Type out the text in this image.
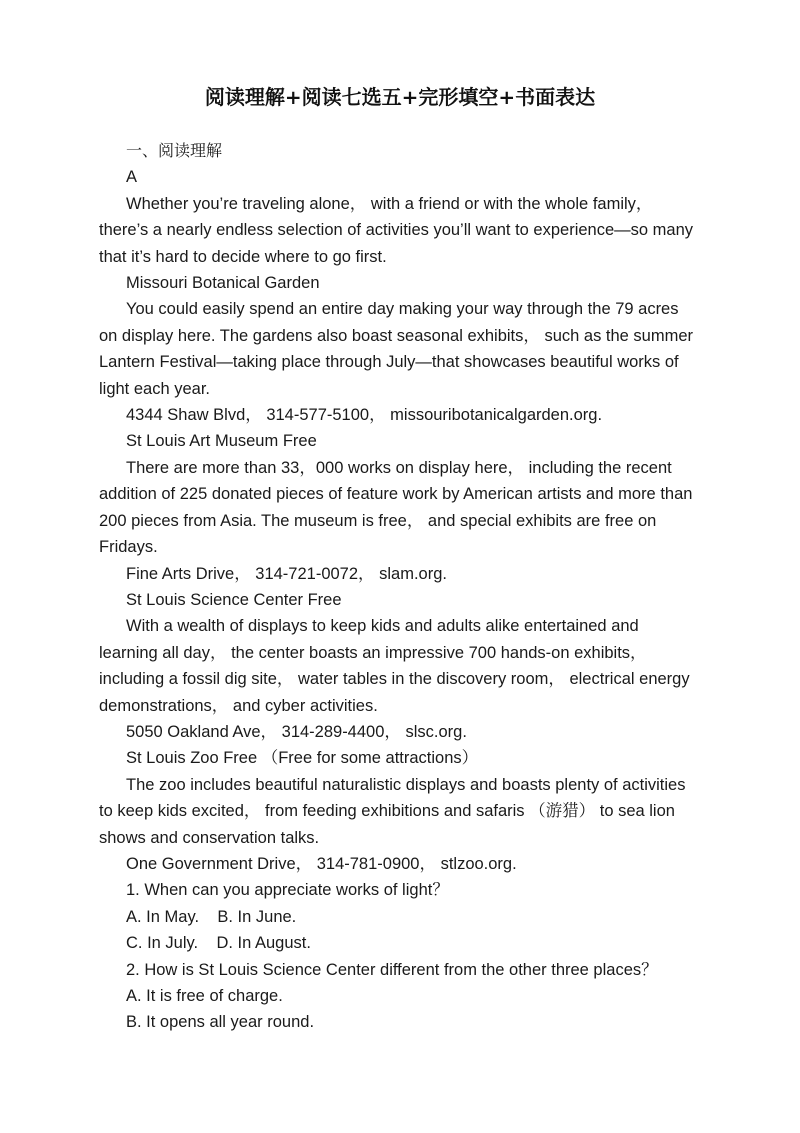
阅读理解+阅读七选五+完形填空+书面表达

一、阅读理解

A

Whether you’re traveling alone， with a friend or with the whole family，there’s a nearly endless selection of activities you’ll want to experience—so many that it’s hard to decide where to go first.

Missouri Botanical Garden

You could easily spend an entire day making your way through the 79 acres on display here. The gardens also boast seasonal exhibits， such as the summer Lantern Festival—taking place through July—that showcases beautiful works of light each year.

4344 Shaw Blvd， 314-577-5100， missouribotanicalgarden.org.

St Louis Art Museum Free

There are more than 33，000 works on display here， including the recent addition of 225 donated pieces of feature work by American artists and more than 200 pieces from Asia. The museum is free， and special exhibits are free on Fridays.

Fine Arts Drive， 314-721-0072， slam.org.

St Louis Science Center Free

With a wealth of displays to keep kids and adults alike entertained and learning all day， the center boasts an impressive 700 hands-on exhibits，including a fossil dig site， water tables in the discovery room， electrical energy demonstrations， and cyber activities.

5050 Oakland Ave， 314-289-4400， slsc.org.

St Louis Zoo Free （Free for some attractions）

The zoo includes beautiful naturalistic displays and boasts plenty of activities to keep kids excited， from feeding exhibitions and safaris （游猎） to sea lion shows and conservation talks.

One Government Drive， 314-781-0900， stlzoo.org.

1. When can you appreciate works of light？

A. In May.    B. In June.

C. In July.    D. In August.

2. How is St Louis Science Center different from the other three places？

A. It is free of charge.

B. It opens all year round.
